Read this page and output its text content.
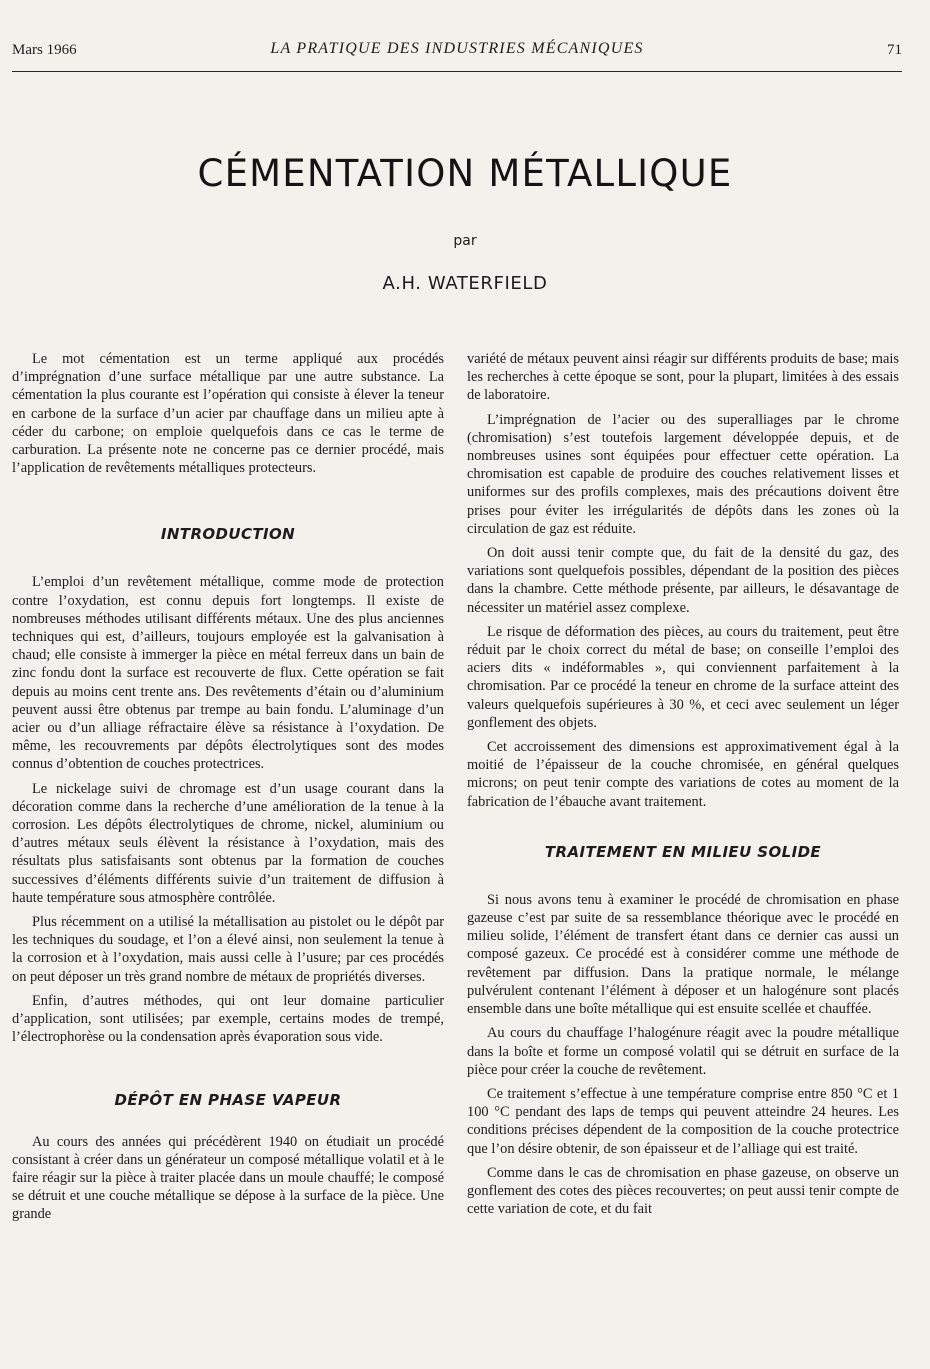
Mars 1966	LA PRATIQUE DES INDUSTRIES MÉCANIQUES	71
CÉMENTATION MÉTALLIQUE
par
A.H. WATERFIELD

Le mot cémentation est un terme appliqué aux procédés d’imprégnation d’une surface métallique par une autre substance. La cémentation la plus courante est l’opération qui consiste à élever la teneur en carbone de la surface d’un acier par chauffage dans un milieu apte à céder du carbone; on emploie quelquefois dans ce cas le terme de carburation. La présente note ne concerne pas ce dernier procédé, mais l’application de revêtements métalliques protecteurs.

INTRODUCTION

L’emploi d’un revêtement métallique, comme mode de protection contre l’oxydation, est connu depuis fort longtemps. Il existe de nombreuses méthodes utilisant différents métaux. Une des plus anciennes techniques qui est, d’ailleurs, toujours employée est la galvanisation à chaud; elle consiste à immerger la pièce en métal ferreux dans un bain de zinc fondu dont la surface est recouverte de flux. Cette opération se fait depuis au moins cent trente ans. Des revêtements d’étain ou d’aluminium peuvent aussi être obtenus par trempe au bain fondu. L’aluminage d’un acier ou d’un alliage réfractaire élève sa résistance à l’oxydation. De même, les recouvrements par dépôts électrolytiques sont des modes connus d’obtention de couches protectrices.

Le nickelage suivi de chromage est d’un usage courant dans la décoration comme dans la recherche d’une amélioration de la tenue à la corrosion. Les dépôts électrolytiques de chrome, nickel, aluminium ou d’autres métaux seuls élèvent la résistance à l’oxydation, mais des résultats plus satisfaisants sont obtenus par la formation de couches successives d’éléments différents suivie d’un traitement de diffusion à haute température sous atmosphère contrôlée.

Plus récemment on a utilisé la métallisation au pistolet ou le dépôt par les techniques du soudage, et l’on a élevé ainsi, non seulement la tenue à la corrosion et à l’oxydation, mais aussi celle à l’usure; par ces procédés on peut déposer un très grand nombre de métaux de propriétés diverses.

Enfin, d’autres méthodes, qui ont leur domaine particulier d’application, sont utilisées; par exemple, certains modes de trempé, l’électrophorèse ou la condensation après évaporation sous vide.

DÉPÔT EN PHASE VAPEUR

Au cours des années qui précédèrent 1940 on étudiait un procédé consistant à créer dans un générateur un composé métallique volatil et à le faire réagir sur la pièce à traiter placée dans un moule chauffé; le composé se détruit et une couche métallique se dépose à la surface de la pièce. Une grande

variété de métaux peuvent ainsi réagir sur différents produits de base; mais les recherches à cette époque se sont, pour la plupart, limitées à des essais de laboratoire.

L’imprégnation de l’acier ou des superalliages par le chrome (chromisation) s’est toutefois largement développée depuis, et de nombreuses usines sont équipées pour effectuer cette opération. La chromisation est capable de produire des couches relativement lisses et uniformes sur des profils complexes, mais des précautions doivent être prises pour éviter les irrégularités de dépôts dans les zones où la circulation de gaz est réduite.

On doit aussi tenir compte que, du fait de la densité du gaz, des variations sont quelquefois possibles, dépendant de la position des pièces dans la chambre. Cette méthode présente, par ailleurs, le désavantage de nécessiter un matériel assez complexe.

Le risque de déformation des pièces, au cours du traitement, peut être réduit par le choix correct du métal de base; on conseille l’emploi des aciers dits « indéformables », qui conviennent parfaitement à la chromisation. Par ce procédé la teneur en chrome de la surface atteint des valeurs quelquefois supérieures à 30 %, et ceci avec seulement un léger gonflement des objets.

Cet accroissement des dimensions est approximativement égal à la moitié de l’épaisseur de la couche chromisée, en général quelques microns; on peut tenir compte des variations de cotes au moment de la fabrication de l’ébauche avant traitement.

TRAITEMENT EN MILIEU SOLIDE

Si nous avons tenu à examiner le procédé de chromisation en phase gazeuse c’est par suite de sa ressemblance théorique avec le procédé en milieu solide, l’élément de transfert étant dans ce dernier cas aussi un composé gazeux. Ce procédé est à considérer comme une méthode de revêtement par diffusion. Dans la pratique normale, le mélange pulvérulent contenant l’élément à déposer et un halogénure sont placés ensemble dans une boîte métallique qui est ensuite scellée et chauffée.

Au cours du chauffage l’halogénure réagit avec la poudre métallique dans la boîte et forme un composé volatil qui se détruit en surface de la pièce pour créer la couche de revêtement.

Ce traitement s’effectue à une température comprise entre 850 °C et 1 100 °C pendant des laps de temps qui peuvent atteindre 24 heures. Les conditions précises dépendent de la composition de la couche protectrice que l’on désire obtenir, de son épaisseur et de l’alliage qui est traité.

Comme dans le cas de chromisation en phase gazeuse, on observe un gonflement des cotes des pièces recouvertes; on peut aussi tenir compte de cette variation de cote, et du fait
